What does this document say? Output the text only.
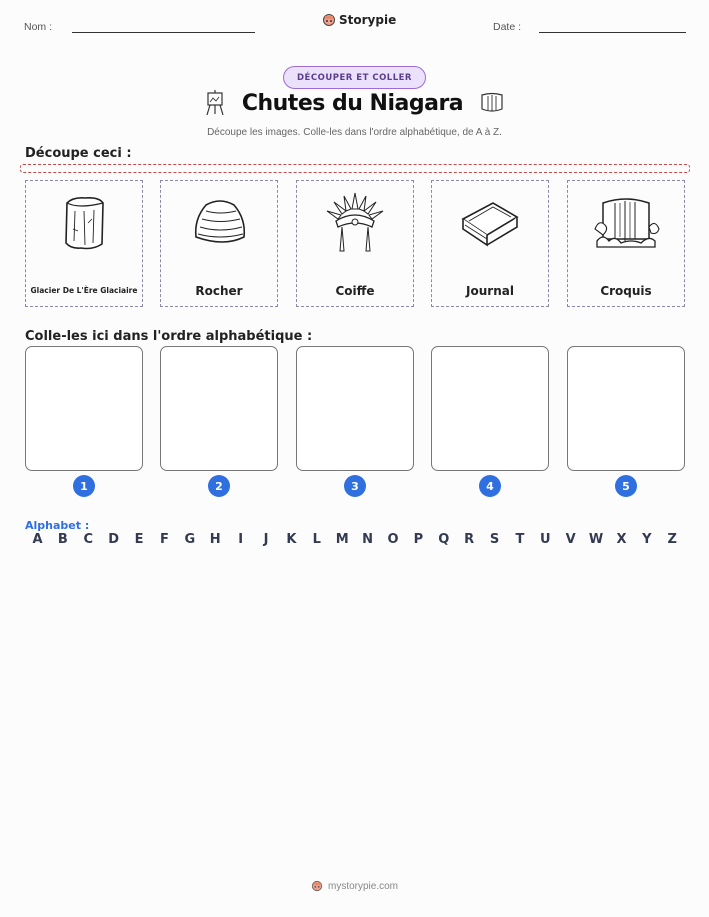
Nom :	Storypie	Date :
DÉCOUPER ET COLLER
Chutes du Niagara
Découpe les images. Colle-les dans l'ordre alphabétique, de A à Z.
Découpe ceci :
Glacier De L'Ère Glaciaire	Rocher	Coiffe	Journal	Croquis
Colle-les ici dans l'ordre alphabétique :
1	2	3	4	5
Alphabet :
A	B	C	D	E	F	G	H	I	J	K	L	M	N	O	P	Q	R	S	T	U	V	W	X	Y	Z
mystorypie.com
